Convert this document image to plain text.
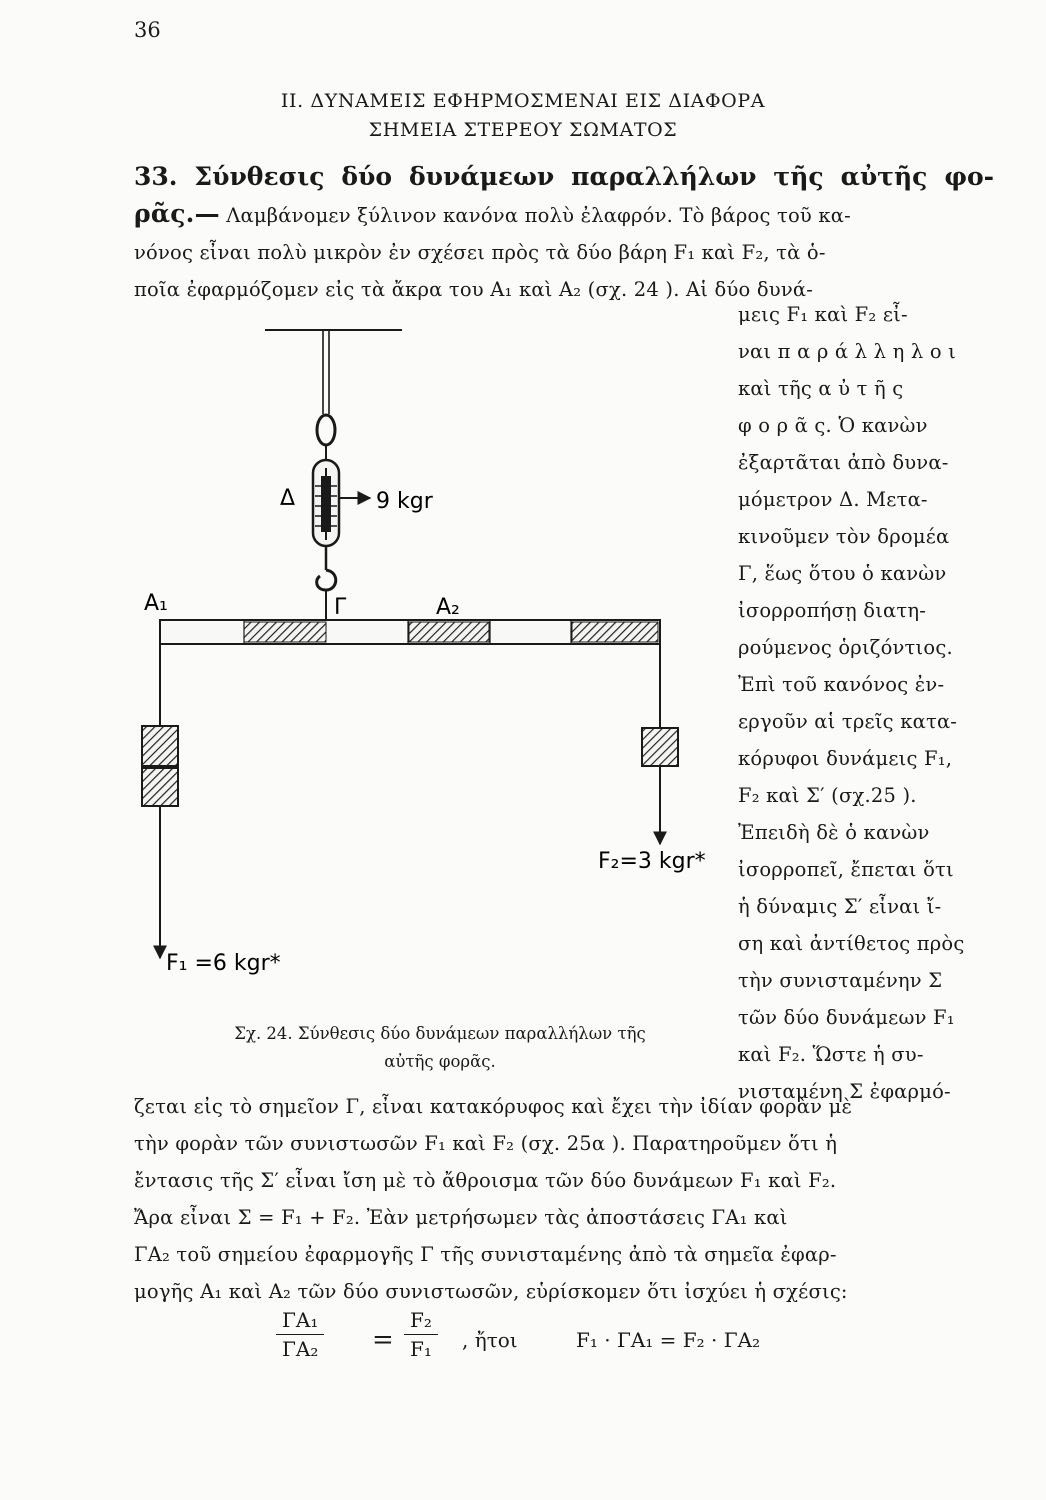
36
II. ΔΥΝΑΜΕΙΣ ΕΦΗΡΜΟΣΜΕΝΑΙ ΕΙΣ ΔΙΑΦΟΡΑ
ΣΗΜΕΙΑ ΣΤΕΡΕΟΥ ΣΩΜΑΤΟΣ
33. Σύνθεσις δύο δυνάμεων παραλλήλων τῆς αὐτῆς φο-
ρᾶς.— Λαμβάνομεν ξύλινον κανόνα πολὺ ἐλαφρόν. Τὸ βάρος τοῦ κα-
νόνος εἶναι πολὺ μικρὸν ἐν σχέσει πρὸς τὰ δύο βάρη F₁ καὶ F₂, τὰ ὁ-
ποῖα ἐφαρμόζομεν εἰς τὰ ἄκρα του A₁ καὶ A₂ (σχ. 24 ). Αἱ δύο δυνά-
μεις F₁ καὶ F₂ εἶ-
ναι π α ρ ά λ λ η λ ο ι
καὶ τῆς α ὐ τ ῆ ς
φ ο ρ ᾶ ς. Ὁ κανὼν
ἐξαρτᾶται ἀπὸ δυνα-
μόμετρον Δ. Μετα-
κινοῦμεν τὸν δρομέα
Γ, ἕως ὅτου ὁ κανὼν
ἰσορροπήσῃ διατη-
ρούμενος ὁριζόντιος.
Ἐπὶ τοῦ κανόνος ἐν-
εργοῦν αἱ τρεῖς κατα-
κόρυφοι δυνάμεις F₁,
F₂ καὶ Σ′ (σχ.25 ).
Ἐπειδὴ δὲ ὁ κανὼν
ἰσορροπεῖ, ἔπεται ὅτι
ἡ δύναμις Σ′ εἶναι ἴ-
ση καὶ ἀντίθετος πρὸς
τὴν συνισταμένην Σ
τῶν δύο δυνάμεων F₁
καὶ F₂. Ὥστε ἡ συ-
νισταμένη Σ ἐφαρμό-
Δ	9 kgr
A₁	Γ	A₂
F₁ =6 kgr*
F₂=3 kgr*
Σχ. 24. Σύνθεσις δύο δυνάμεων παραλλήλων τῆς
αὐτῆς φορᾶς.
ζεται εἰς τὸ σημεῖον Γ, εἶναι κατακόρυφος καὶ ἔχει τὴν ἰδίαν φορὰν μὲ
τὴν φορὰν τῶν συνιστωσῶν F₁ καὶ F₂ (σχ. 25α ). Παρατηροῦμεν ὅτι ἡ
ἔντασις τῆς Σ′ εἶναι ἴση μὲ τὸ ἄθροισμα τῶν δύο δυνάμεων F₁ καὶ F₂.
Ἄρα εἶναι Σ = F₁ + F₂. Ἐὰν μετρήσωμεν τὰς ἀποστάσεις ΓA₁ καὶ
ΓA₂ τοῦ σημείου ἐφαρμογῆς Γ τῆς συνισταμένης ἀπὸ τὰ σημεῖα ἐφαρ-
μογῆς A₁ καὶ A₂ τῶν δύο συνιστωσῶν, εὑρίσκομεν ὅτι ἰσχύει ἡ σχέσις:
$\frac{\text{ΓA₁}}{\text{ΓA₂}} = \frac{\text{F₂}}{\text{F₁}}$ , ἤτοι	F₁ · ΓA₁ = F₂ · ΓA₂
